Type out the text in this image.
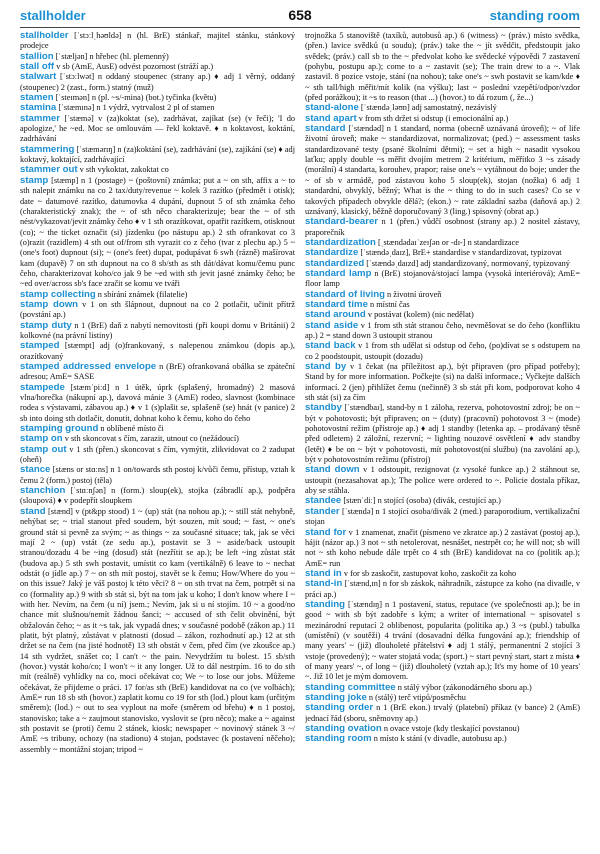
stallholder	658	standing room

stallholder [ˈstɔːlˌhəʊldə] n (hl. BrE) stánkař, majitel stánku, stánkový prodejce

stallion [ˈstæljən] n hřebec (hl. plemenný)

stall off v sb (AmE, AusE) odvést pozornost (stráží ap.)

stalwart [ˈstɔːlwət] n oddaný stoupenec (strany ap.) ♦ adj 1 věrný, oddaný (stoupenec) 2 (zast., form.) statný (muž)

stamen [ˈsteɪmən] n (pl. ~s/-mina) (bot.) tyčinka (květu)

stamina [ˈstæmɪnə] n 1 výdrž, vytrvalost 2 pl of stamen

stammer [ˈstæmə] v (za)koktat (se), zadrhávat, zajíkat (se) (v řeči); 'I do apologize,' he ~ed. Moc se omlouvám — řekl koktavě. ♦ n koktavost, koktání, zadrhávání

stammering [ˈstæmərɪŋ] n (za)koktání (se), zadrhávání (se), zajíkání (se) ♦ adj koktavý, koktající, zadrhávající

stammer out v sth vykoktat, zakoktat co

stamp [stæmp] n 1 (postage) ~ (poštovní) známka; put a ~ on sth, affix a ~ to sth nalepit známku na co 2 tax/duty/revenue ~ kolek 3 razítko (předmět i otisk); date ~ datumové razítko, datumovka 4 dupání, dupnout 5 of sth známka čeho (charakteristický znak); the ~ of sth něco charakterizuje; bear the ~ of sth nést/vykazovat/jevit známky čeho ♦ v 1 sth orazítkovat, opatřit razítkem, otisknout (co); ~ the ticket označit (si) jízdenku (po nástupu ap.) 2 sth ofrankovat co 3 (o)razit (razidlem) 4 sth out of/from sth vyrazit co z čeho (tvar z plechu ap.) 5 ~ (one's foot) dupnout (si); ~ (one's feet) dupat, podupávat 6 swh (rázně) mašírovat kam (dupavě) 7 on sth dupnout na co 8 sb/sth as sth dát/dávat komu/čemu punc čeho, charakterizovat koho/co jak 9 be ~ed with sth jevit jasné známky čeho; be ~ed over/across sb's face zračit se komu ve tváři

stamp collecting n sbírání známek (filatelie)

stamp down v 1 on sth šlápnout, dupnout na co 2 potlačit, učinit přítrž (povstání ap.)

stamp duty n 1 (BrE) daň z nabytí nemovitosti (při koupi domu v Británii) 2 kolkovné (na právní listiny)

stamped [stæmpt] adj (o)frankovaný, s nalepenou známkou (dopis ap.), orazítkovaný

stamped addressed envelope n (BrE) ofrankovaná obálka se zpáteční adresou; AmE= SASE

stampede [stæmˈpiːd] n 1 útěk, úprk (splašený, hromadný) 2 masová vlna/horečka (nákupní ap.), davová mánie 3 (AmE) rodeo, slavnost (kombinace rodea s výstavami, zábavou ap.) ♦ v 1 (s)plašit se, splašeně (se) hnát (v panice) 2 sb into doing sth dotlačit, donutit, dohnat koho k čemu, koho do čeho

stamping ground n oblíbené místo či

stamp on v sth skoncovat s čím, zarazit, utnout co (nežádoucí)

stamp out v 1 sth (přen.) skoncovat s čím, vymýtit, zlikvidovat co 2 zadupat (oheň)

stance [stæns or stɑːns] n 1 on/towards sth postoj k/vůči čemu, přístup, vztah k čemu 2 (form.) postoj (těla)

stanchion [ˈstɑːnʃən] n (form.) sloup(ek), stojka (zábradlí ap.), podpěra (sloupová) ♦ v podepřít sloupkem

stand [stænd] v (pt&pp stood) 1 ~ (up) stát (na nohou ap.); ~ still stát nehybně, nehýbat se; ~ trial stanout před soudem, být souzen, mít soud; ~ fast, ~ one's ground stát si pevně za svým; ~ as things ~ za současné situace; tak, jak se věci mají 2 ~ (up) vstát (ze sedu ap.), postavit se 3 ~ aside/back ustoupit stranou/dozadu 4 be ~ing (dosud) stát (nezřítit se ap.); be left ~ing zůstat stát (budova ap.) 5 sth swh postavit, umístit co kam (vertikálně) 6 leave to ~ nechat odstát (o jídle ap.) 7 ~ on sth mít postoj, stavět se k čemu; How/Where do you ~ on this issue? Jaký je váš postoj k této věci? 8 ~ on sth trvat na čem, potrpět si na co (formality ap.) 9 with sb stát si, být na tom jak u koho; I don't know where I ~ with her. Nevím, na čem (u ní) jsem.; Nevím, jak si u ní stojím. 10 ~ a good/no chance mít slušnou/nemít žádnou šanci; ~ accused of sth čelit obvinění, být obžalován čeho; ~ as it ~s tak, jak vypadá dnes; v současné podobě (zákon ap.) 11 platit, být platný, zůstávat v platnosti (dosud – zákon, rozhodnutí ap.) 12 at sth držet se na čem (na jisté hodnotě) 13 sth obstát v čem, před čím (ve zkoušce ap.) 14 sth vydržet, snášet co; I can't ~ the pain. Nevydržím tu bolest. 15 sb/sth (hovor.) vystát koho/co; I won't ~ it any longer. Už to dál nestrpím. 16 to do sth mít (reálně) vyhlídky na co, moci očekávat co; We ~ to lose our jobs. Můžeme očekávat, že přijdeme o práci. 17 for/as sth (BrE) kandidovat na co (ve volbách); AmE= run 18 sb sth (hovor.) zaplatit komu co 19 for sth (lod.) plout kam (určitým směrem); (lod.) ~ out to sea vyplout na moře (směrem od břehu) ♦ n 1 postoj, stanovisko; take a ~ zaujmout stanovisko, vyslovit se (pro něco); make a ~ against sth postavit se (proti) čemu 2 stánek, kiosk; newspaper ~ novinový stánek 3 ~/ AmE ~s tribuny, ochozy (na stadionu) 4 stojan, podstavec (k postavení něčeho); assembly ~ montážní stojan; tripod ~

trojnožka 5 stanoviště (taxíků, autobusů ap.) 6 (witness) ~ (práv.) místo svědka, (přen.) lavice svědků (u soudu); (práv.) take the ~ jít svědčit, předstoupit jako svědek; (práv.) call sb to the ~ předvolat koho ke svědecké výpovědi 7 zastavení (pohybu, postupu ap.); come to a ~ zastavit (se); The train drew to a ~. Vlak zastavil. 8 pozice vstoje, stání (na nohou); take one's ~ swh postavit se kam/kde ♦ ~ sth tall/high měřit/mít kolik (na výšku); last ~ poslední vzepětí/odpor/vzdor (před porážkou); it ~s to reason (that ...) (hovor.) to dá rozum (, že...)

stand-alone [ˈstændəˌləʊn] adj samostatný, nezávislý

stand apart v from sth držet si odstup (i emocionální ap.)

standard [ˈstændəd] n 1 standard, norma (obecně uznávaná úroveň); ~ of life životní úroveň; make ~ standardizovat, normalizovat; (ped.) ~ assessment tasks standardizované testy (psané školními dětmi); ~ set a high ~ nasadit vysokou laťku; apply double ~s měřit dvojím metrem 2 kritérium, měřítko 3 ~s zásady (morální) 4 standarta, korouhev, prapor; raise one's ~ vytáhnout do boje; under the ~ of sb v armádě, pod zástavou koho 5 sloup(ek), stojan (nožka) 6 adj 1 standardní, obvyklý, běžný; What is the ~ thing to do in such cases? Co se v takových případech obvykle dělá?; (ekon.) ~ rate základní sazba (daňová ap.) 2 uznávaný, klasický, běžně doporučovaný 3 (ling.) spisovný (obrat ap.)

standard-bearer n 1 (přen.) vůdčí osobnost (strany ap.) 2 nositel zástavy, praporečník

standardization [ˌstændədaɪˈzeɪʃən or -dɪ-] n standardizace

standardize [ˈstændəˌdaɪz], BrE+ standardise v standardizovat, typizovat

standardized [ˈstændəˌdaɪzd] adj standardizovaný, normovaný, typizovaný

standard lamp n (BrE) stojanová/stojací lampa (vysoká interiérová); AmE= floor lamp

standard of living n životní úroveň

standard time n místní čas

stand around v postávat (kolem) (nic nedělat)

stand aside v 1 from sth stát stranou čeho, nevměšovat se do čeho (konfliktu ap.) 2 = stand down 3 ustoupit stranou

stand back v 1 from sth udělat si odstup od čeho, (po)dívat se s odstupem na co 2 poodstoupit, ustoupit (dozadu)

stand by v 1 čekat (na příležitost ap.), být připraven (pro případ potřeby); Stand by for more information. Počkejte (si) na další informace.; Vyčkejte dalších informací. 2 (jen) přihlížet čemu (nečinně) 3 sb stát při kom, podporovat koho 4 sth stát (si) za čím

standby [ˈstændbaɪ], stand-by n 1 záloha, rezerva, pohotovostní zdroj; be on ~ být v pohotovosti; být připraven; on ~ (duty) (pracovní) pohotovost 3 ~ (mode) pohotovostní režim (přístroje ap.) ♦ adj 1 standby (letenka ap. – prodávaný těsně před odletem) 2 záložní, rezervní; ~ lighting nouzové osvětlení ♦ adv standby (letět) ♦ be on ~ být v pohotovosti, mít pohotovost(ní službu) (na zavolání ap.), být v pohotovostním režimu (přístroj)

stand down v 1 odstoupit, rezignovat (z vysoké funkce ap.) 2 stáhnout se, ustoupit (nezasahovat ap.); The police were ordered to ~. Policie dostala příkaz, aby se stáhla.

standee [stænˈdiː] n stojící (osoba) (divák, cestující ap.)

stander [ˈstændə] n 1 stojící osoba/divák 2 (med.) paraporodium, vertikalizační stojan

stand for v 1 znamenat, značit (písmeno ve zkratce ap.) 2 zastávat (postoj ap.), hájit (názor ap.) 3 not ~ sth netolerovat, nesnášet, nestrpět co; he will not; sb will not ~ sth koho nebude dále trpět co 4 sth (BrE) kandidovat na co (politik ap.); AmE= run

stand in v for sb zaskočit, zastupovat koho, zaskočit za koho

stand-in [ˈstænd,ɪn] n for sb záskok, náhradník, zástupce za koho (na divadle, v práci ap.)

standing [ˈstændɪŋ] n 1 postavení, status, reputace (ve společnosti ap.); be in good ~ with sb být zadobře s kým; a writer of international ~ spisovatel s mezinárodní reputací 2 oblibenost, popularita (politika ap.) 3 ~s (publ.) tabulka (umístění) (v soutěži) 4 trvání (dosavadní délka fungování ap.); friendship of many years' ~ (již) dlouholeté přátelství ♦ adj 1 stálý, permanentní 2 stojící 3 vstoje (provedený); ~ water stojatá voda; (sport.) ~ start pevný start, start z místa ♦ of many years' ~, of long ~ (již) dlouholetý (vztah ap.); It's my home of 10 years' ~. Již 10 let je mým domovem.

standing committee n stálý výbor (zákonodárného sboru ap.)

standing joke n (stálý) terč vtipů/posměchu

standing order n 1 (BrE ekon.) trvalý (platební) příkaz (v bance) 2 (AmE) jednací řád (sboru, sněmovny ap.)

standing ovation n ovace vstoje (kdy tleskající povstanou)

standing room n místo k stání (v divadle, autobusu ap.)
